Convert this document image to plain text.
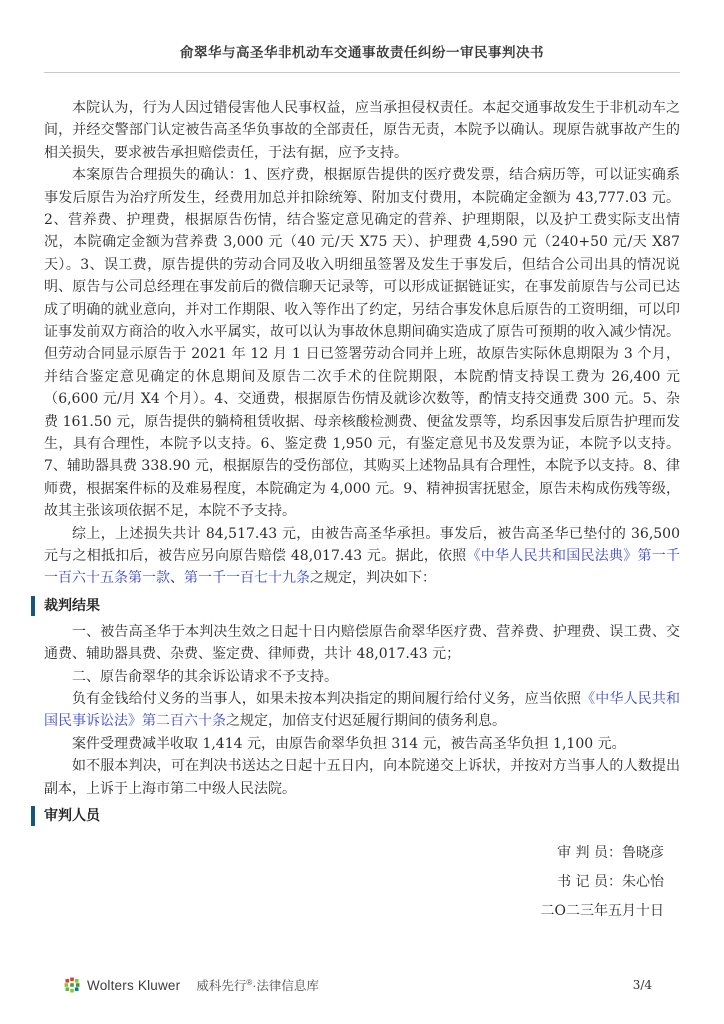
俞翠华与高圣华非机动车交通事故责任纠纷一审民事判决书

本院认为，行为人因过错侵害他人民事权益，应当承担侵权责任。本起交通事故发生于非机动车之间，并经交警部门认定被告高圣华负事故的全部责任，原告无责，本院予以确认。现原告就事故产生的相关损失，要求被告承担赔偿责任，于法有据，应予支持。

本案原告合理损失的确认：1、医疗费，根据原告提供的医疗费发票，结合病历等，可以证实确系事发后原告为治疗所发生，经费用加总并扣除统筹、附加支付费用，本院确定金额为 43,777.03 元。2、营养费、护理费，根据原告伤情，结合鉴定意见确定的营养、护理期限，以及护工费实际支出情况，本院确定金额为营养费 3,000 元（40 元/天 X75 天）、护理费 4,590 元（240+50 元/天 X87 天）。3、误工费，原告提供的劳动合同及收入明细虽签署及发生于事发后，但结合公司出具的情况说明、原告与公司总经理在事发前后的微信聊天记录等，可以形成证据链证实，在事发前原告与公司已达成了明确的就业意向，并对工作期限、收入等作出了约定，另结合事发休息后原告的工资明细，可以印证事发前双方商洽的收入水平属实，故可以认为事故休息期间确实造成了原告可预期的收入减少情况。但劳动合同显示原告于 2021 年 12 月 1 日已签署劳动合同并上班，故原告实际休息期限为 3 个月，并结合鉴定意见确定的休息期间及原告二次手术的住院期限，本院酌情支持误工费为 26,400 元（6,600 元/月 X4 个月）。4、交通费，根据原告伤情及就诊次数等，酌情支持交通费 300 元。5、杂费 161.50 元，原告提供的躺椅租赁收据、母亲核酸检测费、便盆发票等，均系因事发后原告护理而发生，具有合理性，本院予以支持。6、鉴定费 1,950 元，有鉴定意见书及发票为证，本院予以支持。7、辅助器具费 338.90 元，根据原告的受伤部位，其购买上述物品具有合理性，本院予以支持。8、律师费，根据案件标的及难易程度，本院确定为 4,000 元。9、精神损害抚慰金，原告未构成伤残等级，故其主张该项依据不足，本院不予支持。

综上，上述损失共计 84,517.43 元，由被告高圣华承担。事发后，被告高圣华已垫付的 36,500 元与之相抵扣后，被告应另向原告赔偿 48,017.43 元。据此，依照《中华人民共和国民法典》第一千一百六十五条第一款、第一千一百七十九条之规定，判决如下：

裁判结果

一、被告高圣华于本判决生效之日起十日内赔偿原告俞翠华医疗费、营养费、护理费、误工费、交通费、辅助器具费、杂费、鉴定费、律师费，共计 48,017.43 元；

二、原告俞翠华的其余诉讼请求不予支持。

负有金钱给付义务的当事人，如果未按本判决指定的期间履行给付义务，应当依照《中华人民共和国民事诉讼法》第二百六十条之规定，加倍支付迟延履行期间的债务利息。

案件受理费减半收取 1,414 元，由原告俞翠华负担 314 元，被告高圣华负担 1,100 元。

如不服本判决，可在判决书送达之日起十五日内，向本院递交上诉状，并按对方当事人的人数提出副本，上诉于上海市第二中级人民法院。

审判人员
审 判 员：鲁晓彦
书 记 员：朱心怡
二O二三年五月十日
Wolters Kluwer 威科先行®·法律信息库	3/4
